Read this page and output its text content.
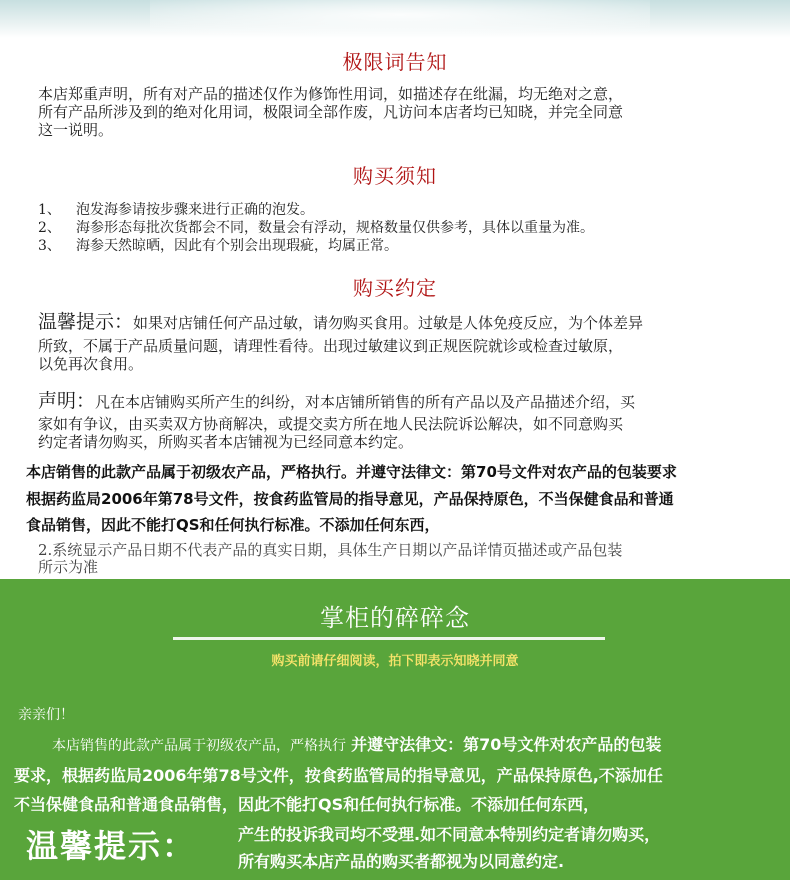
极限词告知
本店郑重声明，所有对产品的描述仅作为修饰性用词，如描述存在纰漏，均无绝对之意，
所有产品所涉及到的绝对化用词，极限词全部作废，凡访问本店者均已知晓，并完全同意
这一说明。
购买须知
1、 泡发海参请按步骤来进行正确的泡发。
2、 海参形态每批次货都会不同，数量会有浮动，规格数量仅供参考，具体以重量为准。
3、 海参天然晾晒，因此有个别会出现瑕疵，均属正常。
购买约定
温馨提示：如果对店铺任何产品过敏，请勿购买食用。过敏是人体免疫反应，为个体差异
所致，不属于产品质量问题，请理性看待。出现过敏建议到正规医院就诊或检查过敏原，
以免再次食用。
声明：凡在本店铺购买所产生的纠纷，对本店铺所销售的所有产品以及产品描述介绍，买
家如有争议，由买卖双方协商解决，或提交卖方所在地人民法院诉讼解决，如不同意购买
约定者请勿购买，所购买者本店铺视为已经同意本约定。
本店销售的此款产品属于初级农产品，严格执行。并遵守法律文：第70号文件对农产品的包装要求
根据药监局2006年第78号文件，按食药监管局的指导意见，产品保持原色，不当保健食品和普通
食品销售，因此不能打QS和任何执行标准。不添加任何东西，
2.系统显示产品日期不代表产品的真实日期，具体生产日期以产品详情页描述或产品包装
所示为准
掌柜的碎碎念
购买前请仔细阅读，拍下即表示知晓并同意
亲亲们！
本店销售的此款产品属于初级农产品，严格执行 并遵守法律文：第70号文件对农产品的包装
要求，根据药监局2006年第78号文件，按食药监管局的指导意见，产品保持原色,不添加任
不当保健食品和普通食品销售，因此不能打QS和任何执行标准。不添加任何东西，
温馨提示：	产生的投诉我司均不受理.如不同意本特别约定者请勿购买，
所有购买本店产品的购买者都视为以同意约定.
